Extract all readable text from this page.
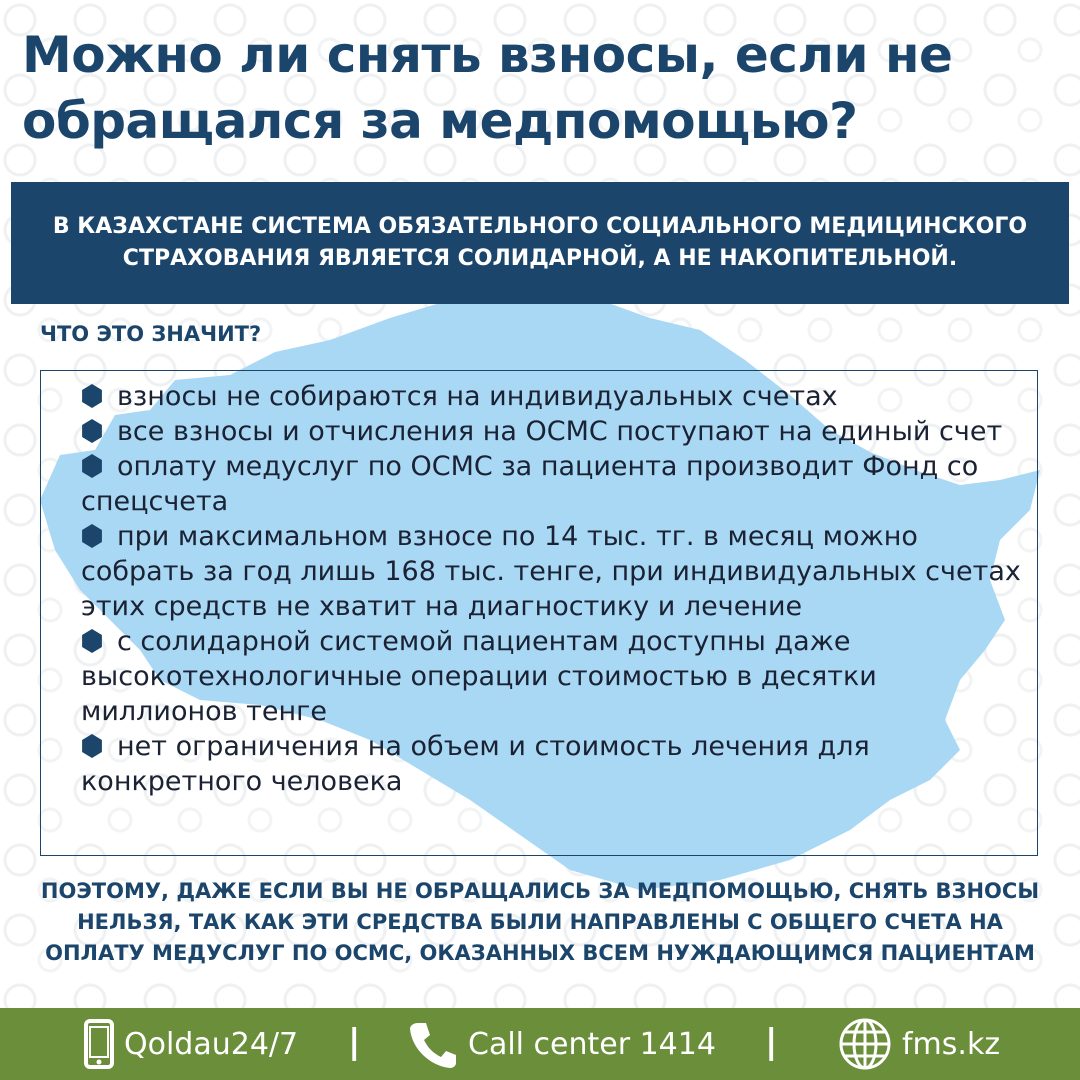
Можно ли снять взносы, если не обращался за медпомощью?
В КАЗАХСТАНЕ СИСТЕМА ОБЯЗАТЕЛЬНОГО СОЦИАЛЬНОГО МЕДИЦИНСКОГО СТРАХОВАНИЯ ЯВЛЯЕТСЯ СОЛИДАРНОЙ, А НЕ НАКОПИТЕЛЬНОЙ.
ЧТО ЭТО ЗНАЧИТ?
взносы не собираются на индивидуальных счетах
все взносы и отчисления на ОСМС поступают на единый счет
оплату медуслуг по ОСМС за пациента производит Фонд со спецсчета
при максимальном взносе по 14 тыс. тг. в месяц можно собрать за год лишь 168 тыс. тенге, при индивидуальных счетах этих средств не хватит на диагностику и лечение
с солидарной системой пациентам доступны даже высокотехнологичные операции стоимостью в десятки миллионов тенге
нет ограничения на объем и стоимость лечения для конкретного человека
ПОЭТОМУ, ДАЖЕ ЕСЛИ ВЫ НЕ ОБРАЩАЛИСЬ ЗА МЕДПОМОЩЬЮ, СНЯТЬ ВЗНОСЫ НЕЛЬЗЯ, ТАК КАК ЭТИ СРЕДСТВА БЫЛИ НАПРАВЛЕНЫ С ОБЩЕГО СЧЕТА НА ОПЛАТУ МЕДУСЛУГ ПО ОСМС, ОКАЗАННЫХ ВСЕМ НУЖДАЮЩИМСЯ ПАЦИЕНТАМ
Qoldau24/7 |	Call center 1414 |	fms.kz
